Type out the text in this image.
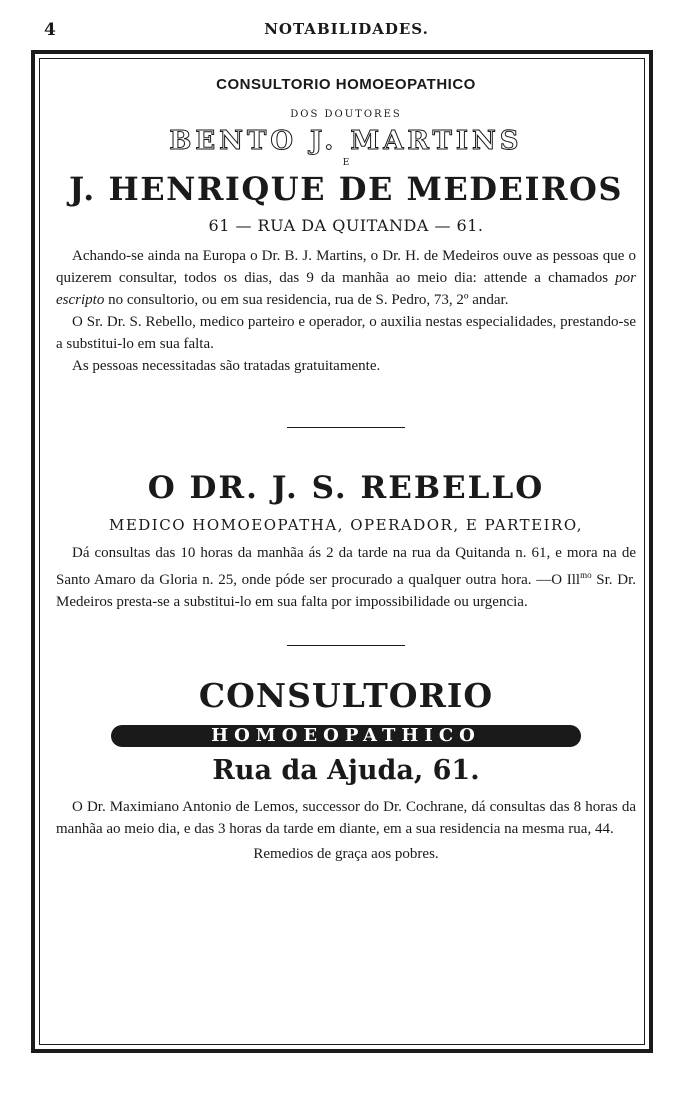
4	NOTABILIDADES.
CONSULTORIO HOMOEOPATHICO
DOS DOUTORES
BENTO J. MARTINS
E
J. HENRIQUE DE MEDEIROS
61 — RUA DA QUITANDA — 61.

Achando-se ainda na Europa o Dr. B. J. Martins, o Dr. H. de Medeiros ouve as pessoas que o quizerem consultar, todos os dias, das 9 da manhãa ao meio dia: attende a chamados por escripto no consultorio, ou em sua residencia, rua de S. Pedro, 73, 2º andar.

O Sr. Dr. S. Rebello, medico parteiro e operador, o auxilia nestas especialidades, prestando-se a substitui-lo em sua falta.

As pessoas necessitadas são tratadas gratuitamente.

O DR. J. S. REBELLO
MEDICO HOMOEOPATHA, OPERADOR, E PARTEIRO,

Dá consultas das 10 horas da manhãa ás 2 da tarde na rua da Quitanda n. 61, e mora na de Santo Amaro da Gloria n. 25, onde póde ser procurado a qualquer outra hora. —O Ill$^{mo}$ Sr. Dr. Medeiros presta-se a substitui-lo em sua falta por impossibilidade ou urgencia.

CONSULTORIO
HOMOEOPATHICO
Rua da Ajuda, 61.

O Dr. Maximiano Antonio de Lemos, successor do Dr. Cochrane, dá consultas das 8 horas da manhãa ao meio dia, e das 3 horas da tarde em diante, em a sua residencia na mesma rua, 44.

Remedios de graça aos pobres.
